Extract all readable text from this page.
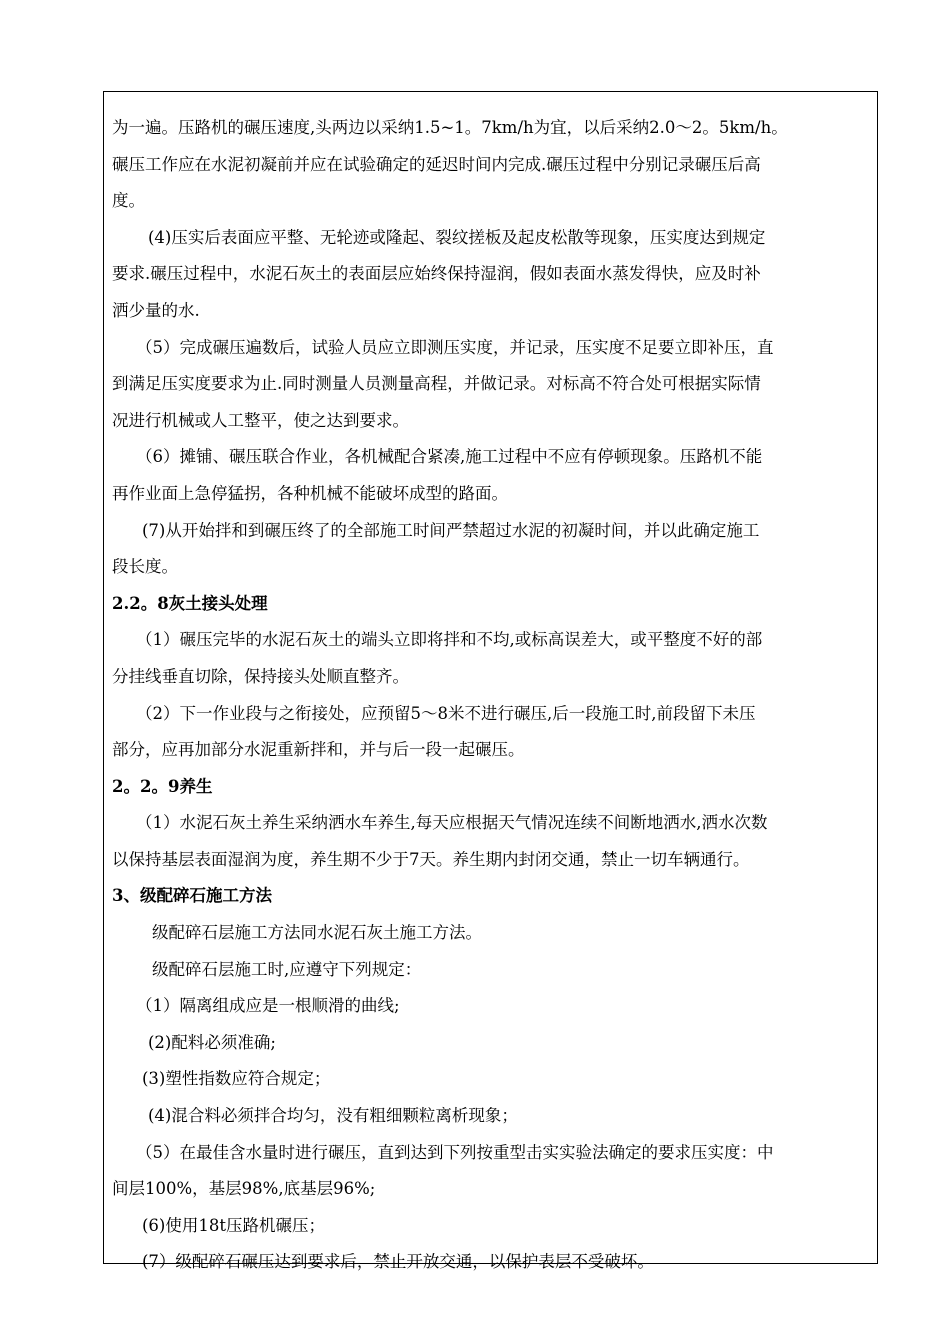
为一遍。压路机的碾压速度,头两边以采纳1.5~1。7km/h为宜，以后采纳2.0～2。5km/h。
碾压工作应在水泥初凝前并应在试验确定的延迟时间内完成.碾压过程中分别记录碾压后高
度。
(4)压实后表面应平整、无轮迹或隆起、裂纹搓板及起皮松散等现象，压实度达到规定
要求.碾压过程中，水泥石灰土的表面层应始终保持湿润，假如表面水蒸发得快，应及时补
洒少量的水.
（5）完成碾压遍数后，试验人员应立即测压实度，并记录，压实度不足要立即补压，直
到满足压实度要求为止.同时测量人员测量高程，并做记录。对标高不符合处可根据实际情
况进行机械或人工整平，使之达到要求。
（6）摊铺、碾压联合作业，各机械配合紧凑,施工过程中不应有停顿现象。压路机不能
再作业面上急停猛拐，各种机械不能破坏成型的路面。
(7)从开始拌和到碾压终了的全部施工时间严禁超过水泥的初凝时间，并以此确定施工
段长度。
2.2。8灰土接头处理
（1）碾压完毕的水泥石灰土的端头立即将拌和不均,或标高误差大，或平整度不好的部
分挂线垂直切除，保持接头处顺直整齐。
（2）下一作业段与之衔接处，应预留5～8米不进行碾压,后一段施工时,前段留下未压
部分，应再加部分水泥重新拌和，并与后一段一起碾压。
2。2。9养生
（1）水泥石灰土养生采纳洒水车养生,每天应根据天气情况连续不间断地洒水,洒水次数
以保持基层表面湿润为度，养生期不少于7天。养生期内封闭交通，禁止一切车辆通行。
3、级配碎石施工方法
级配碎石层施工方法同水泥石灰土施工方法。
级配碎石层施工时,应遵守下列规定：
（1）隔离组成应是一根顺滑的曲线;
(2)配料必须准确;
(3)塑性指数应符合规定；
(4)混合料必须拌合均匀，没有粗细颗粒离析现象；
（5）在最佳含水量时进行碾压，直到达到下列按重型击实实验法确定的要求压实度：中
间层100%，基层98%,底基层96%;
(6)使用18t压路机碾压；
(7）级配碎石碾压达到要求后，禁止开放交通，以保护表层不受破坏。
